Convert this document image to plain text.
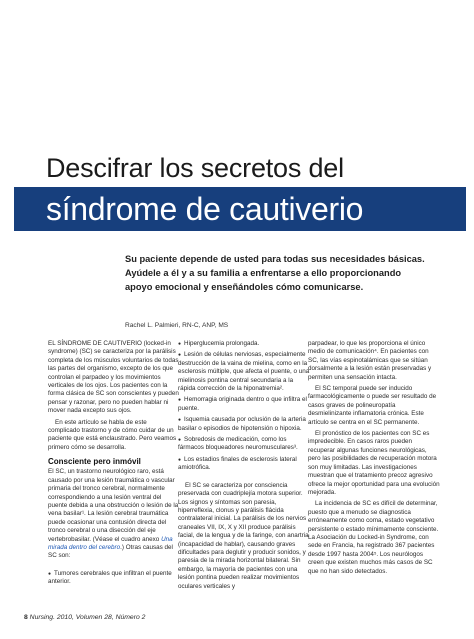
Descifrar los secretos del
síndrome de cautiverio
Su paciente depende de usted para todas sus necesidades básicas.
Ayúdele a él y a su familia a enfrentarse a ello proporcionando
apoyo emocional y enseñándoles cómo comunicarse.
Rachel L. Palmieri, RN-C, ANP, MS

EL SÍNDROME DE CAUTIVERIO (locked-in syndrome) (SC) se caracteriza por la parálisis completa de los músculos voluntarios de todas las partes del organismo, excepto de los que controlan el parpadeo y los movimientos verticales de los ojos. Los pacientes con la forma clásica de SC son conscientes y pueden pensar y razonar, pero no pueden hablar ni mover nada excepto sus ojos.

En este artículo se habla de este complicado trastorno y de cómo cuidar de un paciente que está enclaustrado. Pero veamos primero cómo se desarrolla.

Consciente pero inmóvil

El SC, un trastorno neurológico raro, está causado por una lesión traumática o vascular primaria del tronco cerebral, normalmente correspondiendo a una lesión ventral del puente debida a una obstrucción o lesión de la vena basilar¹. La lesión cerebral traumática puede ocasionar una contusión directa del tronco cerebral o una disección del eje vertebrobasilar. (Véase el cuadro anexo Una mirada dentro del cerebro.) Otras causas del SC son:

● Tumores cerebrales que infiltran el puente anterior.

● Hiperglucemia prolongada.

● Lesión de células nerviosas, especialmente destrucción de la vaina de mielina, como en la esclerosis múltiple, que afecta el puente, o una mielinosis pontina central secundaria a la rápida corrección de la hiponatremia².

● Hemorragia originada dentro o que infiltra el puente.

● Isquemia causada por oclusión de la arteria basilar o episodios de hipotensión o hipoxia.

● Sobredosis de medicación, como los fármacos bloqueadores neuromusculares³.

● Los estadios finales de esclerosis lateral amiotrófica.

El SC se caracteriza por consciencia preservada con cuadriplejía motora superior. Los signos y síntomas son paresia, hiperreflexia, clonus y parálisis flácida contralateral inicial. La parálisis de los nervios craneales VII, IX, X y XII produce parálisis facial, de la lengua y de la faringe, con anartria (incapacidad de hablar), causando graves dificultades para deglutir y producir sonidos, y paresia de la mirada horizontal bilateral. Sin embargo, la mayoría de pacientes con una lesión pontina pueden realizar movimientos oculares verticales y

parpadear, lo que les proporciona el único medio de comunicación⁴. En pacientes con SC, las vías espinotalámicas que se sitúan dorsalmente a la lesión están preservadas y permiten una sensación intacta.

El SC temporal puede ser inducido farmacológicamente o puede ser resultado de casos graves de polineuropatía desmielinizante inflamatoria crónica. Este artículo se centra en el SC permanente.

El pronóstico de los pacientes con SC es impredecible. En casos raros pueden recuperar algunas funciones neurológicas, pero las posibilidades de recuperación motora son muy limitadas. Las investigaciones muestran que el tratamiento precoz agresivo ofrece la mejor oportunidad para una evolución mejorada.

La incidencia de SC es difícil de determinar, puesto que a menudo se diagnostica erróneamente como coma, estado vegetativo persistente o estado mínimamente consciente. La Asociación du Locked-in Syndrome, con sede en Francia, ha registrado 367 pacientes desde 1997 hasta 2004⁵. Los neurólogos creen que existen muchos más casos de SC que no han sido detectados.

8 Nursing. 2010, Volumen 28, Número 2
